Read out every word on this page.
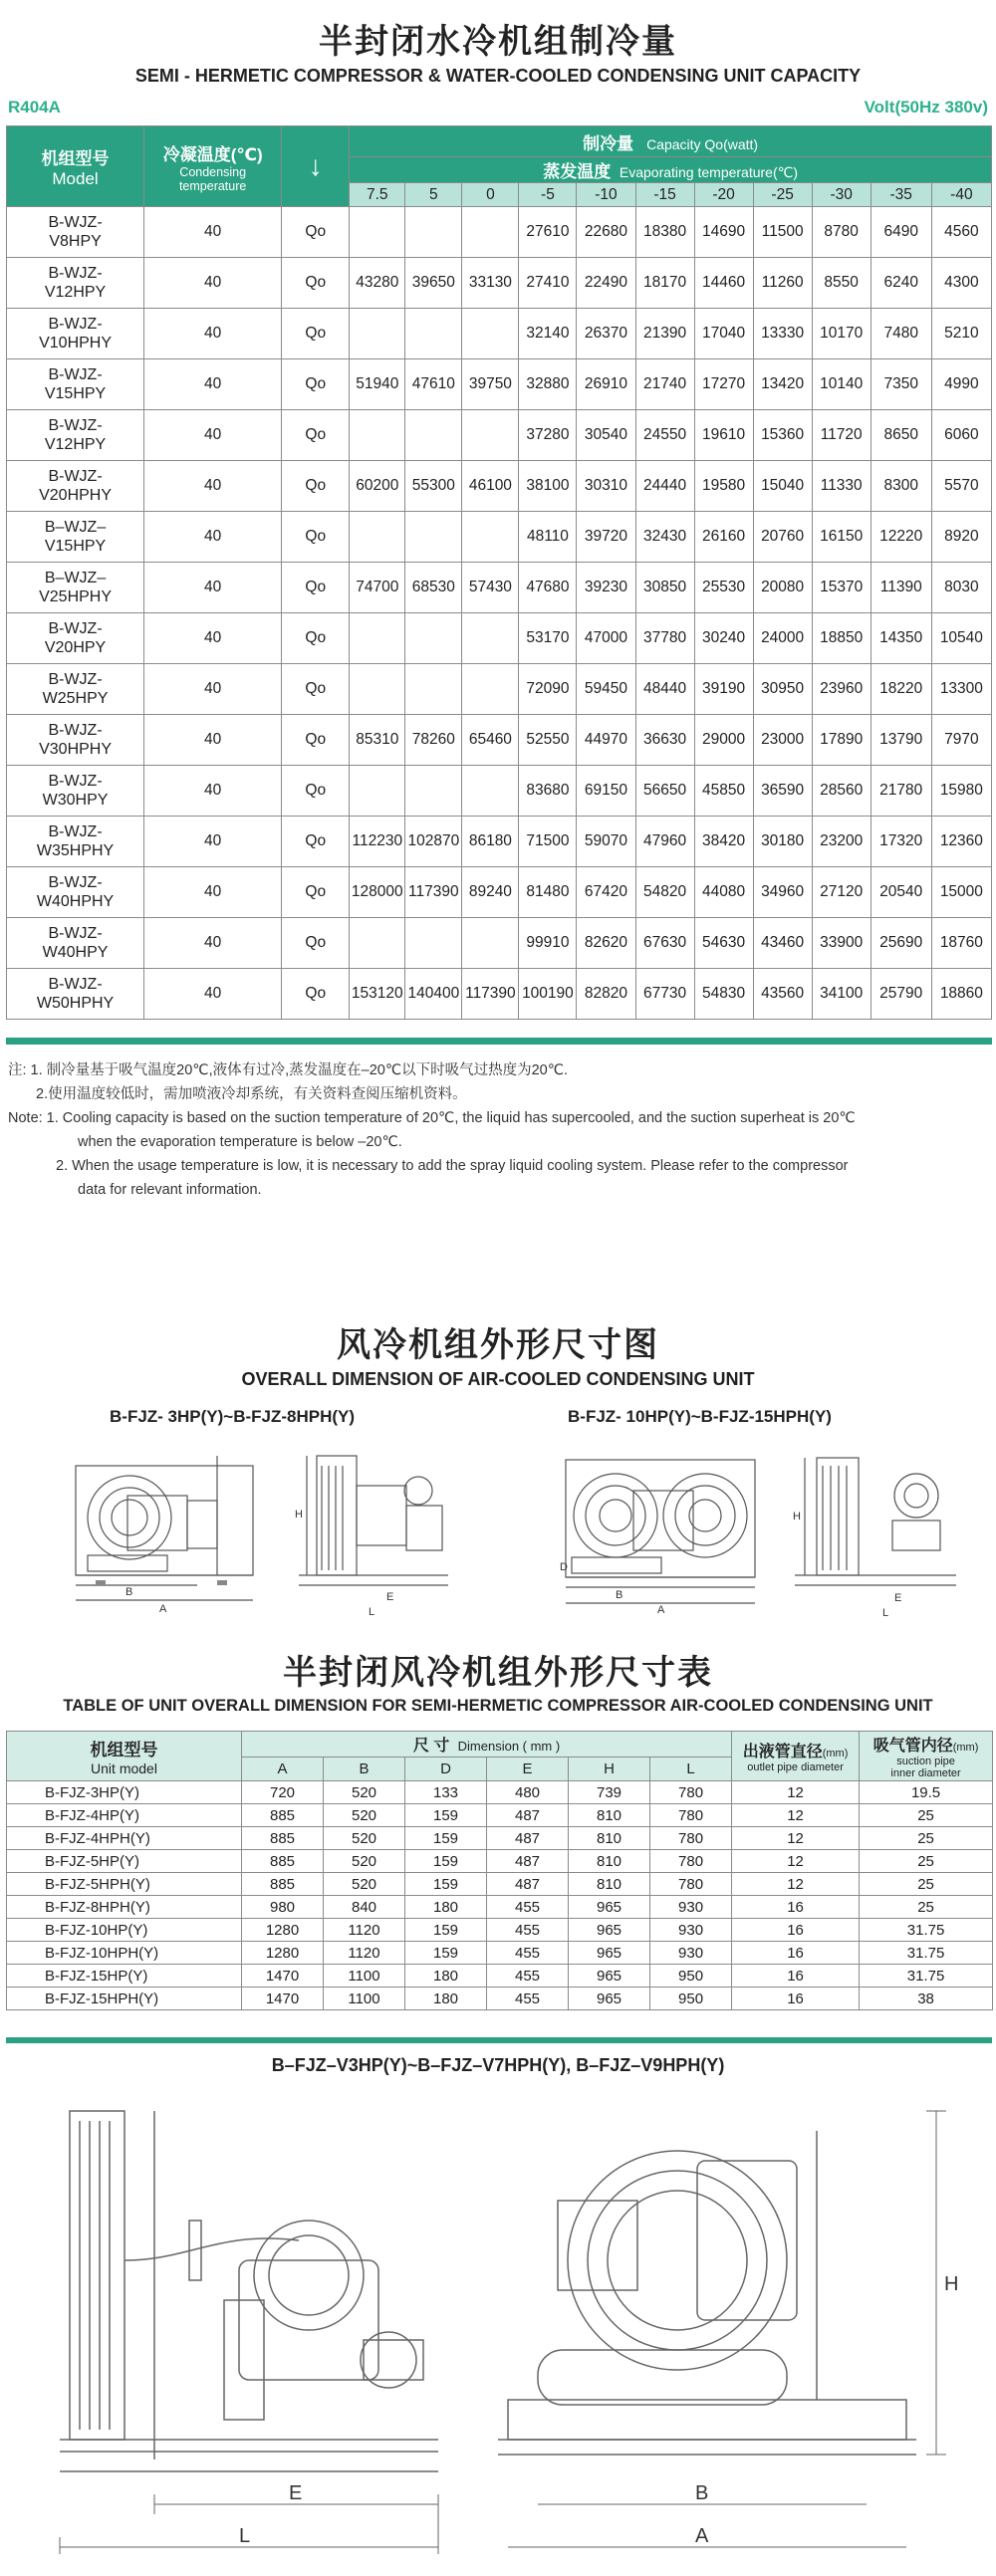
半封闭水冷机组制冷量
SEMI - HERMETIC COMPRESSOR & WATER-COOLED CONDENSING UNIT CAPACITY
R404A	Volt(50Hz 380v)
机组型号
Model	冷凝温度(℃)
Condensing temperature	↓	制冷量 Capacity Qo(watt)										
			蒸发温度 Evaporating temperature(℃)										
			7.5	5	0	-5	-10	-15	-20	-25	-30	-35	-40

B-WJZ-
V8HPY	40	Qo				27610	22680	18380	14690	11500	8780	6490	4560

B-WJZ-
V12HPY	40	Qo	43280	39650	33130	27410	22490	18170	14460	11260	8550	6240	4300

B-WJZ-
V10HPHY	40	Qo				32140	26370	21390	17040	13330	10170	7480	5210

B-WJZ-
V15HPY	40	Qo	51940	47610	39750	32880	26910	21740	17270	13420	10140	7350	4990

B-WJZ-
V12HPY	40	Qo				37280	30540	24550	19610	15360	11720	8650	6060

B-WJZ-
V20HPHY	40	Qo	60200	55300	46100	38100	30310	24440	19580	15040	11330	8300	5570

B–WJZ–
V15HPY	40	Qo				48110	39720	32430	26160	20760	16150	12220	8920

B–WJZ–
V25HPHY	40	Qo	74700	68530	57430	47680	39230	30850	25530	20080	15370	11390	8030

B-WJZ-
V20HPY	40	Qo				53170	47000	37780	30240	24000	18850	14350	10540

B-WJZ-
W25HPY	40	Qo				72090	59450	48440	39190	30950	23960	18220	13300

B-WJZ-
V30HPHY	40	Qo	85310	78260	65460	52550	44970	36630	29000	23000	17890	13790	7970

B-WJZ-
W30HPY	40	Qo				83680	69150	56650	45850	36590	28560	21780	15980

B-WJZ-
W35HPHY	40	Qo	112230	102870	86180	71500	59070	47960	38420	30180	23200	17320	12360

B-WJZ-
W40HPHY	40	Qo	128000	117390	89240	81480	67420	54820	44080	34960	27120	20540	15000

B-WJZ-
W40HPY	40	Qo				99910	82620	67630	54630	43460	33900	25690	18760

B-WJZ-
W50HPHY	40	Qo	153120	140400	117390	100190	82820	67730	54830	43560	34100	25790	18860
注: 1. 制冷量基于吸气温度20℃,液体有过冷,蒸发温度在–20℃以下时吸气过热度为20℃.
2.使用温度较低时，需加喷液冷却系统，有关资料查阅压缩机资料。
Note: 1. Cooling capacity is based on the suction temperature of 20℃, the liquid has supercooled, and the suction superheat is 20℃
when the evaporation temperature is below –20℃.
2. When the usage temperature is low, it is necessary to add the spray liquid cooling system. Please refer to the compressor
data for relevant information.
风冷机组外形尺寸图
OVERALL DIMENSION OF AIR-COOLED CONDENSING UNIT
B-FJZ- 3HP(Y)~B-FJZ-8HPH(Y)	B-FJZ- 10HP(Y)~B-FJZ-15HPH(Y)
B
A
H
E
L
D
B
A
H
E
L
半封闭风冷机组外形尺寸表
TABLE OF UNIT OVERALL DIMENSION FOR SEMI-HERMETIC COMPRESSOR AIR-COOLED CONDENSING UNIT
机组型号
Unit model	尺 寸 Dimension ( mm )						出液管直径(mm)
outlet pipe diameter	吸气管内径(mm)
suction pipe
inner diameter

	A	B	D	E	H	L		
B-FJZ-3HP(Y)	720	520	133	480	739	780	12	19.5
B-FJZ-4HP(Y)	885	520	159	487	810	780	12	25
B-FJZ-4HPH(Y)	885	520	159	487	810	780	12	25
B-FJZ-5HP(Y)	885	520	159	487	810	780	12	25
B-FJZ-5HPH(Y)	885	520	159	487	810	780	12	25
B-FJZ-8HPH(Y)	980	840	180	455	965	930	16	25
B-FJZ-10HP(Y)	1280	1120	159	455	965	930	16	31.75
B-FJZ-10HPH(Y)	1280	1120	159	455	965	930	16	31.75
B-FJZ-15HP(Y)	1470	1100	180	455	965	950	16	31.75
B-FJZ-15HPH(Y)	1470	1100	180	455	965	950	16	38
B–FJZ–V3HP(Y)~B–FJZ–V7HPH(Y), B–FJZ–V9HPH(Y)
E
L
H
B
A
